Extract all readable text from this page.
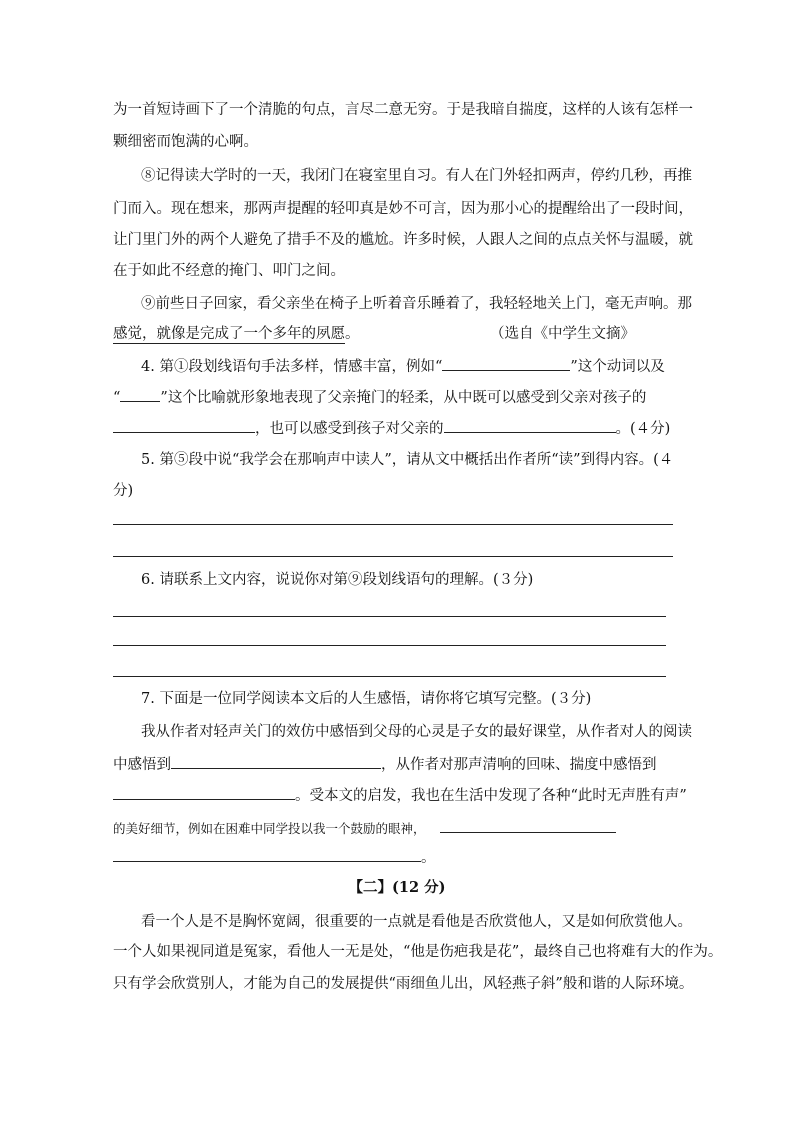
为一首短诗画下了一个清脆的句点，言尽二意无穷。于是我暗自揣度，这样的人该有怎样一
颗细密而饱满的心啊。
⑧记得读大学时的一天，我闭门在寝室里自习。有人在门外轻扣两声，停约几秒，再推
门而入。现在想来，那两声提醒的轻叩真是妙不可言，因为那小心的提醒给出了一段时间，
让门里门外的两个人避免了措手不及的尴尬。许多时候，人跟人之间的点点关怀与温暖，就
在于如此不经意的掩门、叩门之间。
⑨前些日子回家，看父亲坐在椅子上听着音乐睡着了，我轻轻地关上门，毫无声响。那
感觉，就像是完成了一个多年的夙愿。	（选自《中学生文摘》
4. 第①段划线语句手法多样，情感丰富，例如“	”这个动词以及
“	”这个比喻就形象地表现了父亲掩门的轻柔，从中既可以感受到父亲对孩子的
，也可以感受到孩子对父亲的	。(４分)
5. 第⑤段中说“我学会在那响声中读人”，请从文中概括出作者所“读”到得内容。(４
分)
6. 请联系上文内容，说说你对第⑨段划线语句的理解。(３分)
7. 下面是一位同学阅读本文后的人生感悟，请你将它填写完整。(３分)
我从作者对轻声关门的效仿中感悟到父母的心灵是子女的最好课堂，从作者对人的阅读
中感悟到	，从作者对那声清响的回味、揣度中感悟到
。受本文的启发，我也在生活中发现了各种“此时无声胜有声”
的美好细节，例如在困难中同学投以我一个鼓励的眼神，
。
【二】(12 分)
看一个人是不是胸怀宽阔，很重要的一点就是看他是否欣赏他人，又是如何欣赏他人。
一个人如果视同道是冤家，看他人一无是处，“他是伤疤我是花”，最终自己也将难有大的作为。
只有学会欣赏别人，才能为自己的发展提供“雨细鱼儿出，风轻燕子斜”般和谐的人际环境。
